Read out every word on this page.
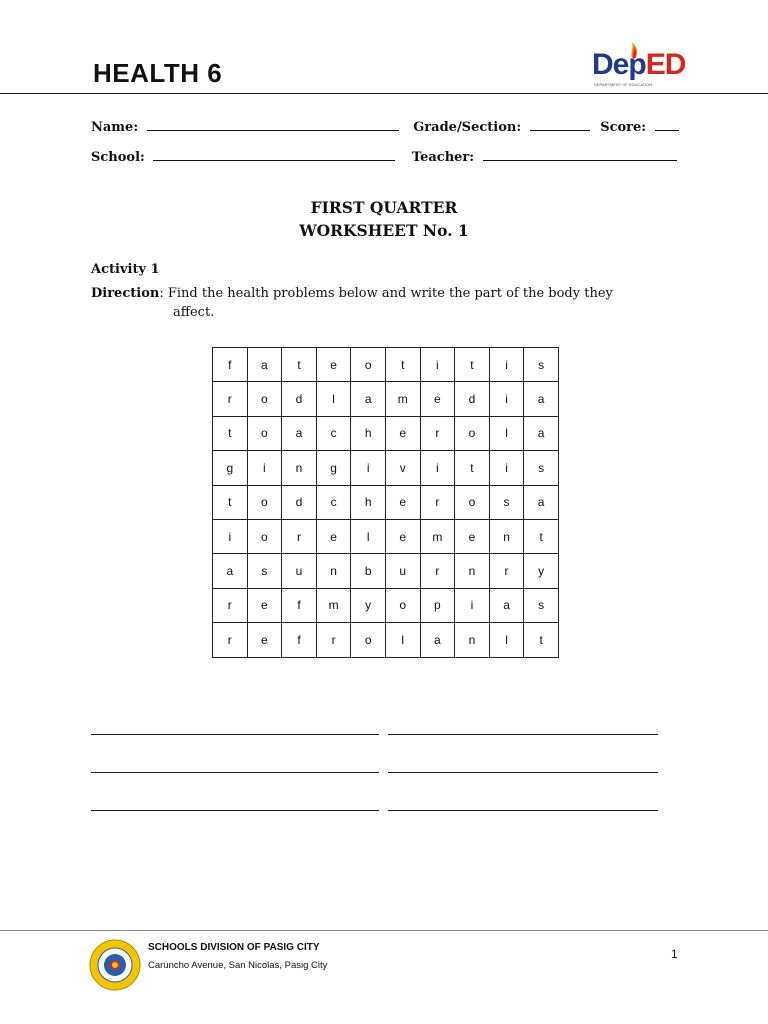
HEALTH 6	DepED
DEPARTMENT OF EDUCATION
Name:	Grade/Section:	Score:
School:	Teacher:
FIRST QUARTER
WORKSHEET No. 1
Activity 1
Direction: Find the health problems below and write the part of the body they
affect.
f	a	t	e	o	t	i	t	i	s
r	o	d	l	a	m	e	d	i	a
t	o	a	c	h	e	r	o	l	a
g	i	n	g	i	v	i	t	i	s
t	o	d	c	h	e	r	o	s	a
i	o	r	e	l	e	m	e	n	t
a	s	u	n	b	u	r	n	r	y
r	e	f	m	y	o	p	i	a	s
r	e	f	r	o	l	a	n	l	t
SCHOOLS DIVISION OF PASIG CITY
Caruncho Avenue, San Nicolas, Pasig City
1
